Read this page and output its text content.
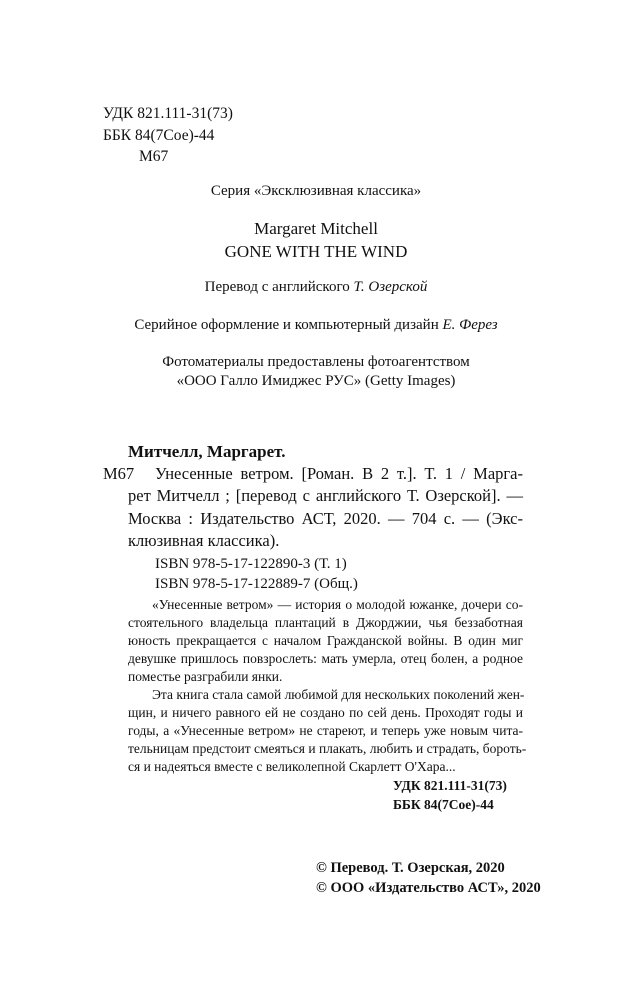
УДК 821.111-31(73)
ББК 84(7Сое)-44
М67
Серия «Эксклюзивная классика»
Margaret Mitchell
GONE WITH THE WIND
Перевод с английского Т. Озерской
Серийное оформление и компьютерный дизайн Е. Ферез
Фотоматериалы предоставлены фотоагентством
«ООО Галло Имиджес РУС» (Getty Images)
Митчелл, Маргарет.
М67 Унесенные ветром. [Роман. В 2 т.]. Т. 1 / Марга-
рет Митчелл ; [перевод с английского Т. Озерской]. —
Москва : Издательство АСТ, 2020. — 704 с. — (Экс-
клюзивная классика).
ISBN 978-5-17-122890-3 (Т. 1)
ISBN 978-5-17-122889-7 (Общ.)
«Унесенные ветром» — история о молодой южанке, дочери со-
стоятельного владельца плантаций в Джорджии, чья беззаботная
юность прекращается с началом Гражданской войны. В один миг
девушке пришлось повзрослеть: мать умерла, отец болен, а родное
поместье разграбили янки.
Эта книга стала самой любимой для нескольких поколений жен-
щин, и ничего равного ей не создано по сей день. Проходят годы и
годы, а «Унесенные ветром» не стареют, и теперь уже новым чита-
тельницам предстоит смеяться и плакать, любить и страдать, бороть-
ся и надеяться вместе с великолепной Скарлетт О'Хара...
УДК 821.111-31(73)
ББК 84(7Сое)-44
© Перевод. Т. Озерская, 2020
© ООО «Издательство АСТ», 2020
